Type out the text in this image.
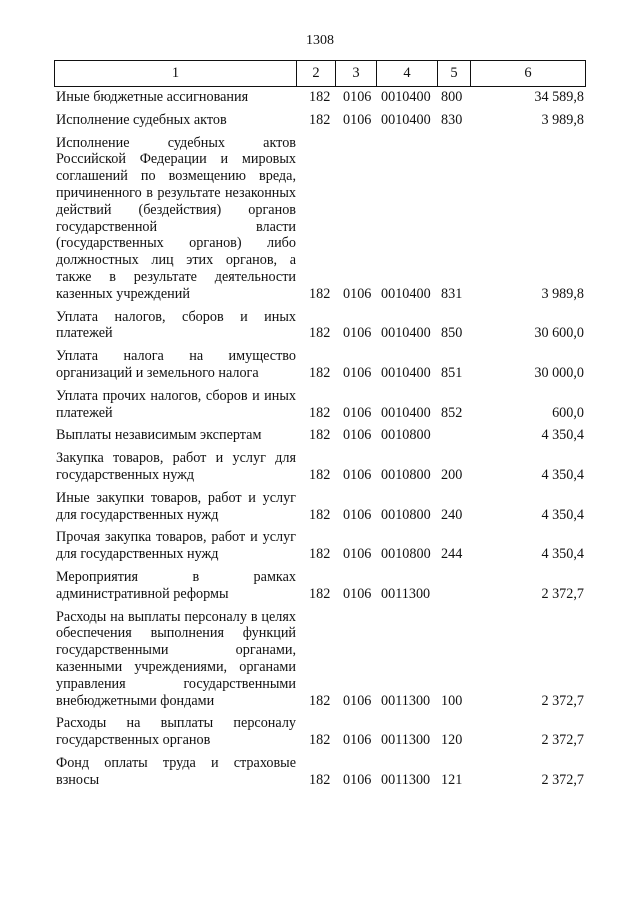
1308
1	2	3	4	5	6
Иные бюджетные ассигнования	182 0106 0010400 800	34 589,8
Исполнение судебных актов	182 0106 0010400 830	3 989,8
Исполнение судебных актов Российской Федерации и мировых соглашений по возмещению вреда, причиненного в результате незаконных действий (бездействия) органов государственной власти (государственных органов) либо должностных лиц этих органов, а также в результате деятельности казенных учреждений	182 0106 0010400 831	3 989,8
Уплата налогов, сборов и иных платежей	182 0106 0010400 850	30 600,0
Уплата налога на имущество организаций и земельного налога	182 0106 0010400 851	30 000,0
Уплата прочих налогов, сборов и иных платежей	182 0106 0010400 852	600,0
Выплаты независимым экспертам	182 0106 0010800	4 350,4
Закупка товаров, работ и услуг для государственных нужд	182 0106 0010800 200	4 350,4
Иные закупки товаров, работ и услуг для государственных нужд	182 0106 0010800 240	4 350,4
Прочая закупка товаров, работ и услуг для государственных нужд	182 0106 0010800 244	4 350,4
Мероприятия в рамках административной реформы	182 0106 0011300	2 372,7
Расходы на выплаты персоналу в целях обеспечения выполнения функций государственными органами, казенными учреждениями, органами управления государственными внебюджетными фондами	182 0106 0011300 100	2 372,7
Расходы на выплаты персоналу государственных органов	182 0106 0011300 120	2 372,7
Фонд оплаты труда и страховые взносы	182 0106 0011300 121	2 372,7
